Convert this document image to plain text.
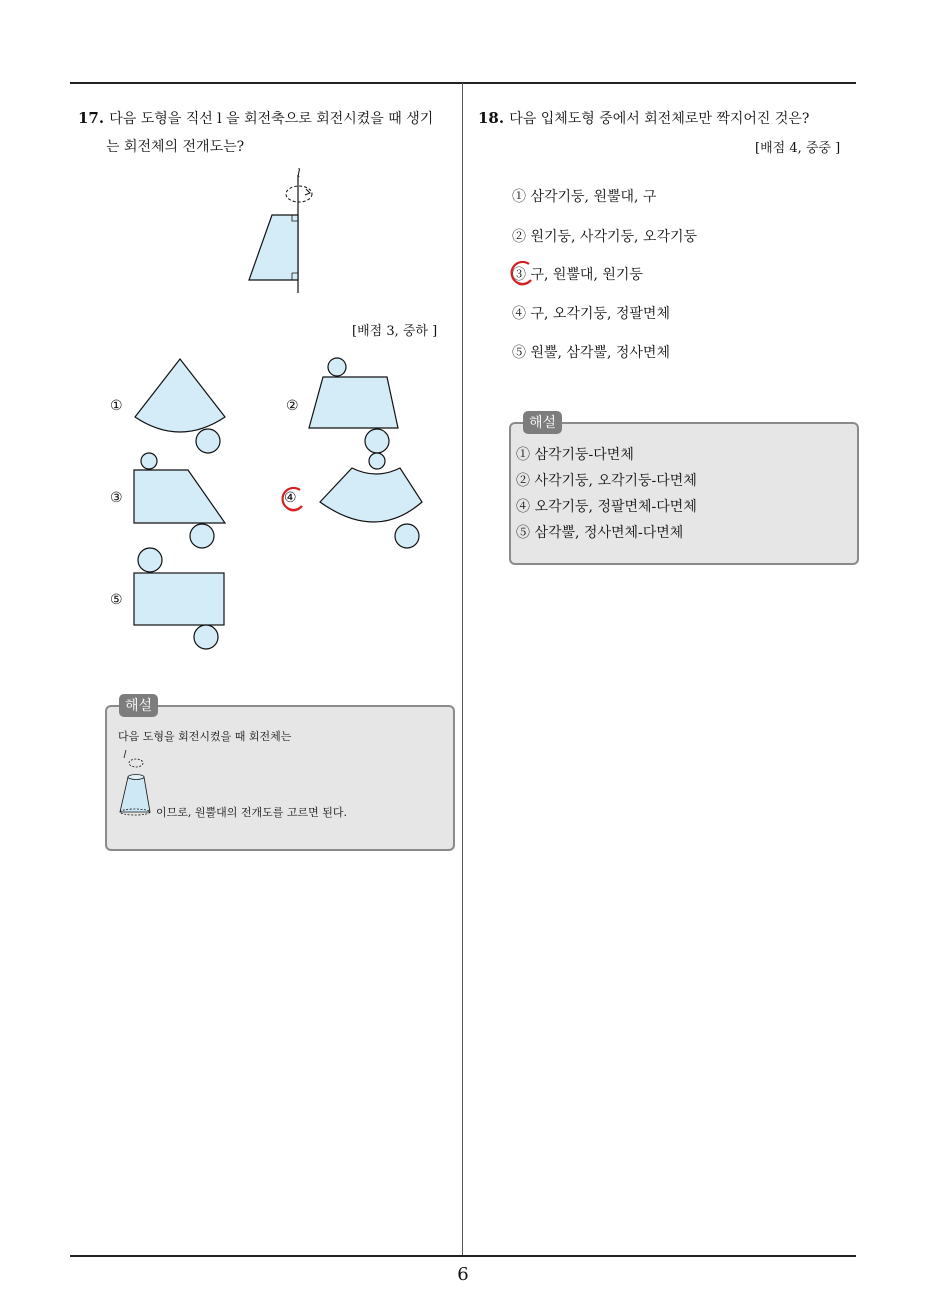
6
17. 다음 도형을 직선 l 을 회전축으로 회전시켰을 때 생기
는 회전체의 전개도는?
l
[배점 3, 중하 ]
①	②
③	④
⑤
해설
다음 도형을 회전시켰을 때 회전체는
이므로, 원뿔대의 전개도를 고르면 된다.
18. 다음 입체도형 중에서 회전체로만 짝지어진 것은?
[배점 4, 중중 ]
① 삼각기둥, 원뿔대, 구
② 원기둥, 사각기둥, 오각기둥
③ 구, 원뿔대, 원기둥
④ 구, 오각기둥, 정팔면체
⑤ 원뿔, 삼각뿔, 정사면체
해설
① 삼각기둥-다면체
② 사각기둥, 오각기둥-다면체
④ 오각기둥, 정팔면체-다면체
⑤ 삼각뿔, 정사면체-다면체
